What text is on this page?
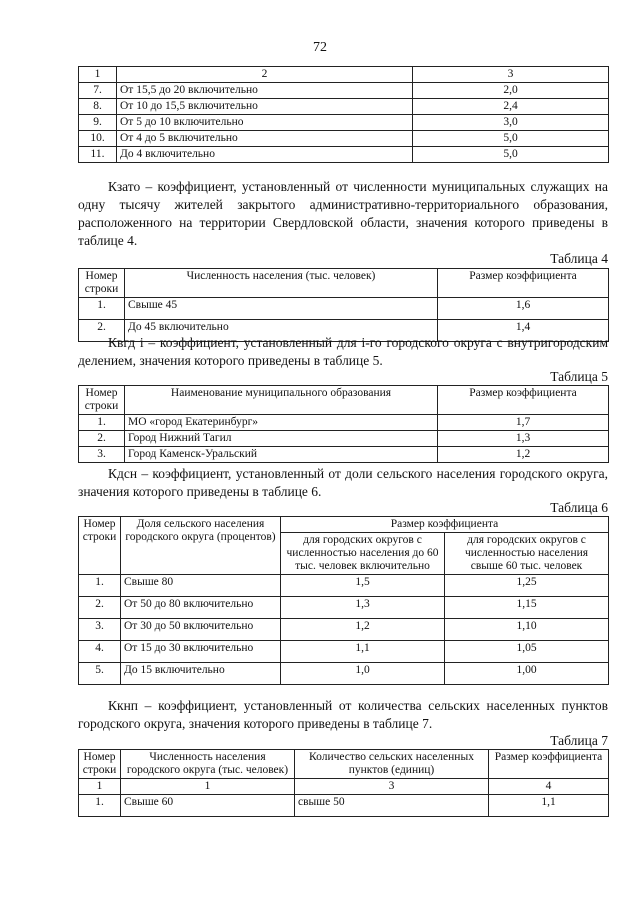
72
1	2	3
7.	От 15,5 до 20 включительно	2,0
8.	От 10 до 15,5 включительно	2,4
9.	От 5 до 10 включительно	3,0
10.	От 4 до 5 включительно	5,0
11.	До 4 включительно	5,0

Кзато – коэффициент, установленный от численности муниципальных служащих на одну тысячу жителей закрытого административно-территориального образования, расположенного на территории Свердловской области, значения которого приведены в таблице 4.

Таблица 4
Номер строки	Численность населения (тыс. человек)	Размер коэффициента
1.	Свыше 45	1,6
2.	До 45 включительно	1,4

Квгд i – коэффициент, установленный для i-го городского округа с внутригородским делением, значения которого приведены в таблице 5.

Таблица 5
Номер строки	Наименование муниципального образования	Размер коэффициента
1.	МО «город Екатеринбург»	1,7
2.	Город Нижний Тагил	1,3
3.	Город Каменск-Уральский	1,2

Кдсн – коэффициент, установленный от доли сельского населения городского округа, значения которого приведены в таблице 6.

Таблица 6
Номер строки	Доля сельского населения городского округа (процентов)	Размер коэффициента	
		для городских округов с численностью населения до 60 тыс. человек включительно	для городских округов с численностью населения свыше 60 тыс. человек
1.	Свыше 80	1,5	1,25
2.	От 50 до 80 включительно	1,3	1,15
3.	От 30 до 50 включительно	1,2	1,10
4.	От 15 до 30 включительно	1,1	1,05
5.	До 15 включительно	1,0	1,00

Ккнп – коэффициент, установленный от количества сельских населенных пунктов городского округа, значения которого приведены в таблице 7.

Таблица 7
Номер строки	Численность населения городского округа (тыс. человек)	Количество сельских населенных пунктов (единиц)	Размер коэффициента
1	1	3	4
1.	Свыше 60	свыше 50	1,1
